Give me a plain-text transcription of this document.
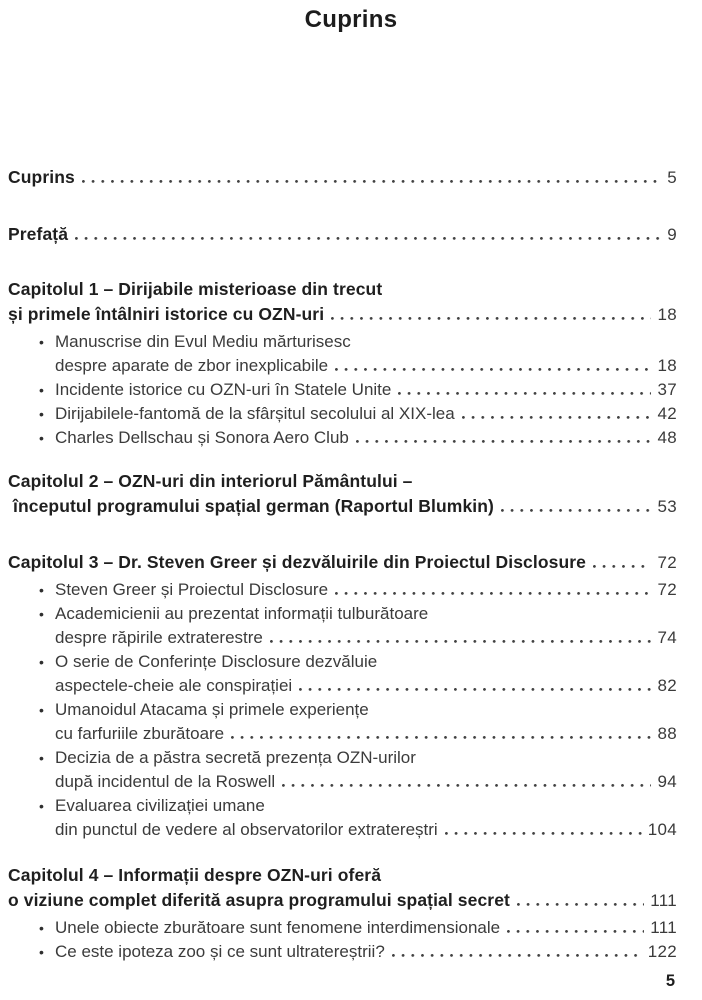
Cuprins
Cuprins	5
Prefață	9
Capitolul 1 – Dirijabile misterioase din trecut
și primele întâlniri istorice cu OZN-uri	18
• Manuscrise din Evul Mediu mărturisesc
despre aparate de zbor inexplicabile	18
• Incidente istorice cu OZN-uri în Statele Unite	37
• Dirijabilele-fantomă de la sfârșitul secolului al XIX-lea	42
• Charles Dellschau și Sonora Aero Club	48
Capitolul 2 – OZN-uri din interiorul Pământului –
începutul programului spațial german (Raportul Blumkin)	53
Capitolul 3 – Dr. Steven Greer și dezvăluirile din Proiectul Disclosure	72
• Steven Greer și Proiectul Disclosure	72
• Academicienii au prezentat informații tulburătoare
despre răpirile extraterestre	74
• O serie de Conferințe Disclosure dezvăluie
aspectele-cheie ale conspirației	82
• Umanoidul Atacama și primele experiențe
cu farfuriile zburătoare	88
• Decizia de a păstra secretă prezența OZN-urilor
după incidentul de la Roswell	94
• Evaluarea civilizației umane
din punctul de vedere al observatorilor extratereștri	104
Capitolul 4 – Informații despre OZN-uri oferă
o viziune complet diferită asupra programului spațial secret	111
• Unele obiecte zburătoare sunt fenomene interdimensionale	111
• Ce este ipoteza zoo și ce sunt ultratereștrii?	122
5
